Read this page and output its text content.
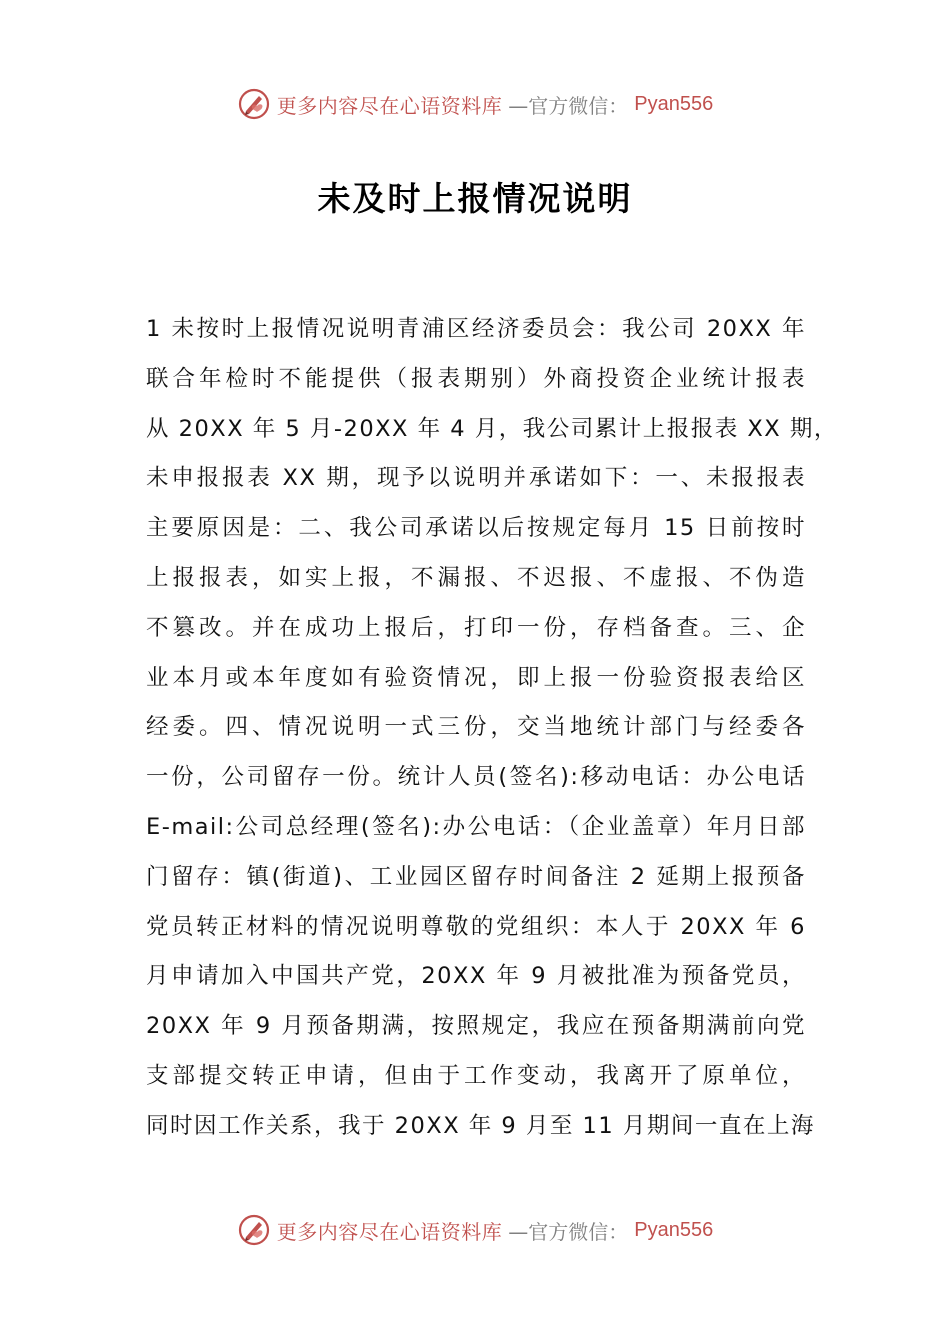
更多内容尽在心语资料库 —官方微信： Pyan556
未及时上报情况说明
1 未按时上报情况说明青浦区经济委员会：我公司 20XX 年
联合年检时不能提供（报表期别）外商投资企业统计报表
从 20XX 年 5 月-20XX 年 4 月，我公司累计上报报表 XX 期，
未申报报表 XX 期，现予以说明并承诺如下：一、未报报表
主要原因是：二、我公司承诺以后按规定每月 15 日前按时
上报报表，如实上报，不漏报、不迟报、不虚报、不伪造
不篡改。并在成功上报后，打印一份，存档备查。三、企
业本月或本年度如有验资情况，即上报一份验资报表给区
经委。四、情况说明一式三份，交当地统计部门与经委各
一份，公司留存一份。统计人员(签名):移动电话：办公电话
E-mail:公司总经理(签名):办公电话：（企业盖章）年月日部
门留存：镇(街道)、工业园区留存时间备注 2 延期上报预备
党员转正材料的情况说明尊敬的党组织：本人于 20XX 年 6
月申请加入中国共产党，20XX 年 9 月被批准为预备党员，
20XX 年 9 月预备期满，按照规定，我应在预备期满前向党
支部提交转正申请，但由于工作变动，我离开了原单位，
同时因工作关系，我于 20XX 年 9 月至 11 月期间一直在上海
更多内容尽在心语资料库 —官方微信： Pyan556
